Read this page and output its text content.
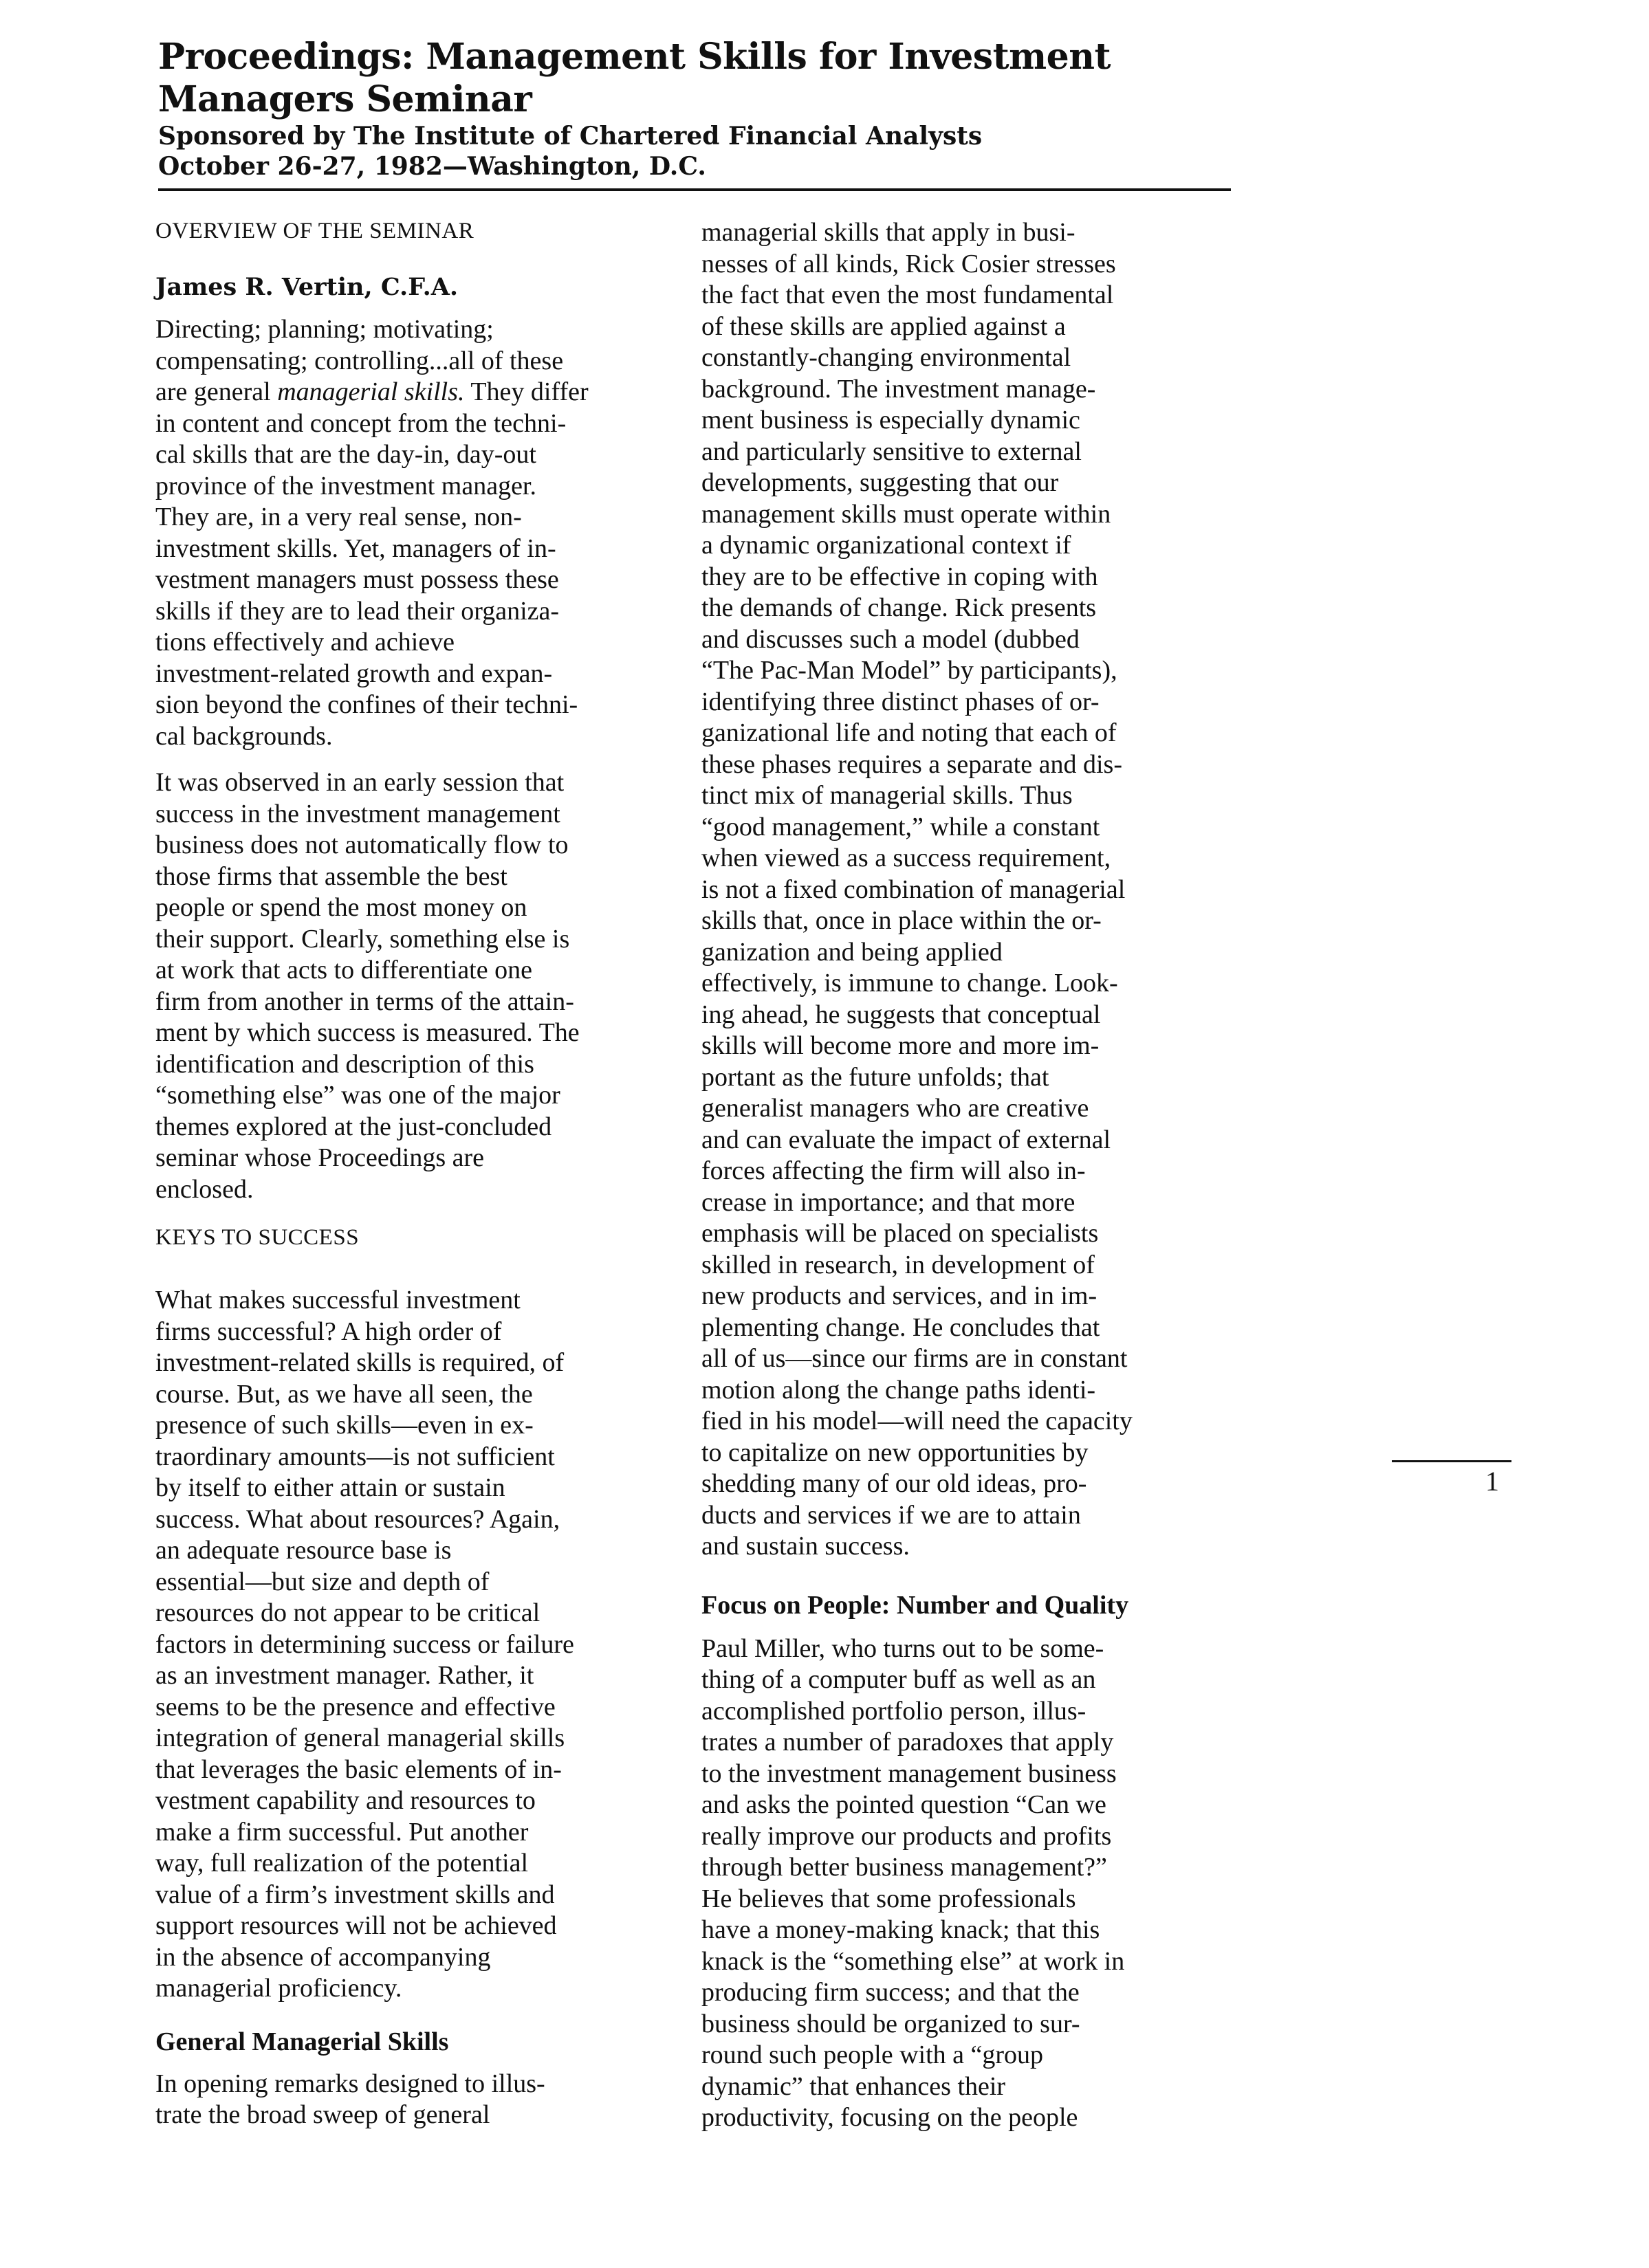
Proceedings: Management Skills for Investment
Managers Seminar
Sponsored by The Institute of Chartered Financial Analysts
October 26-27, 1982—Washington, D.C.
OVERVIEW OF THE SEMINAR
James R. Vertin, C.F.A.

Directing; planning; motivating;
compensating; controlling...all of these
are general managerial skills. They differ
in content and concept from the techni-
cal skills that are the day-in, day-out
province of the investment manager.
They are, in a very real sense, non-
investment skills. Yet, managers of in-
vestment managers must possess these
skills if they are to lead their organiza-
tions effectively and achieve
investment-related growth and expan-
sion beyond the confines of their techni-
cal backgrounds.

It was observed in an early session that
success in the investment management
business does not automatically flow to
those firms that assemble the best
people or spend the most money on
their support. Clearly, something else is
at work that acts to differentiate one
firm from another in terms of the attain-
ment by which success is measured. The
identification and description of this
“something else” was one of the major
themes explored at the just-concluded
seminar whose Proceedings are
enclosed.

KEYS TO SUCCESS

What makes successful investment
firms successful? A high order of
investment-related skills is required, of
course. But, as we have all seen, the
presence of such skills—even in ex-
traordinary amounts—is not sufficient
by itself to either attain or sustain
success. What about resources? Again,
an adequate resource base is
essential—but size and depth of
resources do not appear to be critical
factors in determining success or failure
as an investment manager. Rather, it
seems to be the presence and effective
integration of general managerial skills
that leverages the basic elements of in-
vestment capability and resources to
make a firm successful. Put another
way, full realization of the potential
value of a firm’s investment skills and
support resources will not be achieved
in the absence of accompanying
managerial proficiency.

General Managerial Skills

In opening remarks designed to illus-
trate the broad sweep of general

managerial skills that apply in busi-
nesses of all kinds, Rick Cosier stresses
the fact that even the most fundamental
of these skills are applied against a
constantly-changing environmental
background. The investment manage-
ment business is especially dynamic
and particularly sensitive to external
developments, suggesting that our
management skills must operate within
a dynamic organizational context if
they are to be effective in coping with
the demands of change. Rick presents
and discusses such a model (dubbed
“The Pac-Man Model” by participants),
identifying three distinct phases of or-
ganizational life and noting that each of
these phases requires a separate and dis-
tinct mix of managerial skills. Thus
“good management,” while a constant
when viewed as a success requirement,
is not a fixed combination of managerial
skills that, once in place within the or-
ganization and being applied
effectively, is immune to change. Look-
ing ahead, he suggests that conceptual
skills will become more and more im-
portant as the future unfolds; that
generalist managers who are creative
and can evaluate the impact of external
forces affecting the firm will also in-
crease in importance; and that more
emphasis will be placed on specialists
skilled in research, in development of
new products and services, and in im-
plementing change. He concludes that
all of us—since our firms are in constant
motion along the change paths identi-
fied in his model—will need the capacity
to capitalize on new opportunities by
shedding many of our old ideas, pro-
ducts and services if we are to attain
and sustain success.

Focus on People: Number and Quality

Paul Miller, who turns out to be some-
thing of a computer buff as well as an
accomplished portfolio person, illus-
trates a number of paradoxes that apply
to the investment management business
and asks the pointed question “Can we
really improve our products and profits
through better business management?”
He believes that some professionals
have a money-making knack; that this
knack is the “something else” at work in
producing firm success; and that the
business should be organized to sur-
round such people with a “group
dynamic” that enhances their
productivity, focusing on the people

1
